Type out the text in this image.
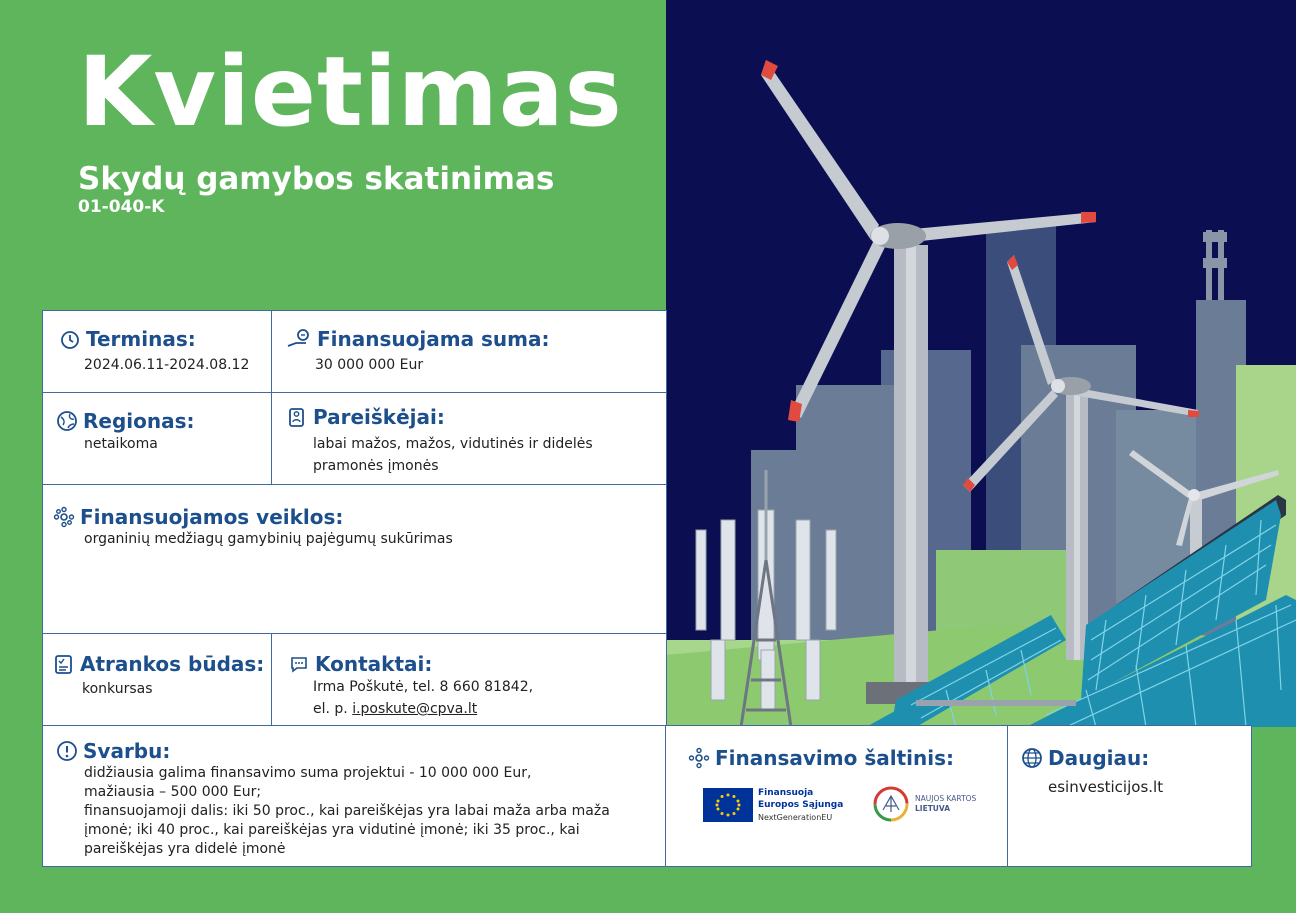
Kvietimas
Skydų gamybos skatinimas
01-040-K
Terminas:
2024.06.11-2024.08.12
Finansuojama suma:
30 000 000 Eur
Regionas:
netaikoma
Pareiškėjai:
labai mažos, mažos, vidutinės ir didelės
pramonės įmonės
Finansuojamos veiklos:
organinių medžiagų gamybinių pajėgumų sukūrimas
Atrankos būdas:
konkursas
Kontaktai:
Irma Poškutė, tel. 8 660 81842,
el. p. i.poskute@cpva.lt
Svarbu:
didžiausia galima finansavimo suma projektui - 10 000 000 Eur,
mažiausia – 500 000 Eur;
finansuojamoji dalis: iki 50 proc., kai pareiškėjas yra labai maža arba maža
įmonė; iki 40 proc., kai pareiškėjas yra vidutinė įmonė; iki 35 proc., kai
pareiškėjas yra didelė įmonė
Finansavimo šaltinis:
Finansuoja
Europos Sąjunga
NextGenerationEU
NAUJOS KARTOS
LIETUVA
Daugiau:
esinvesticijos.lt
